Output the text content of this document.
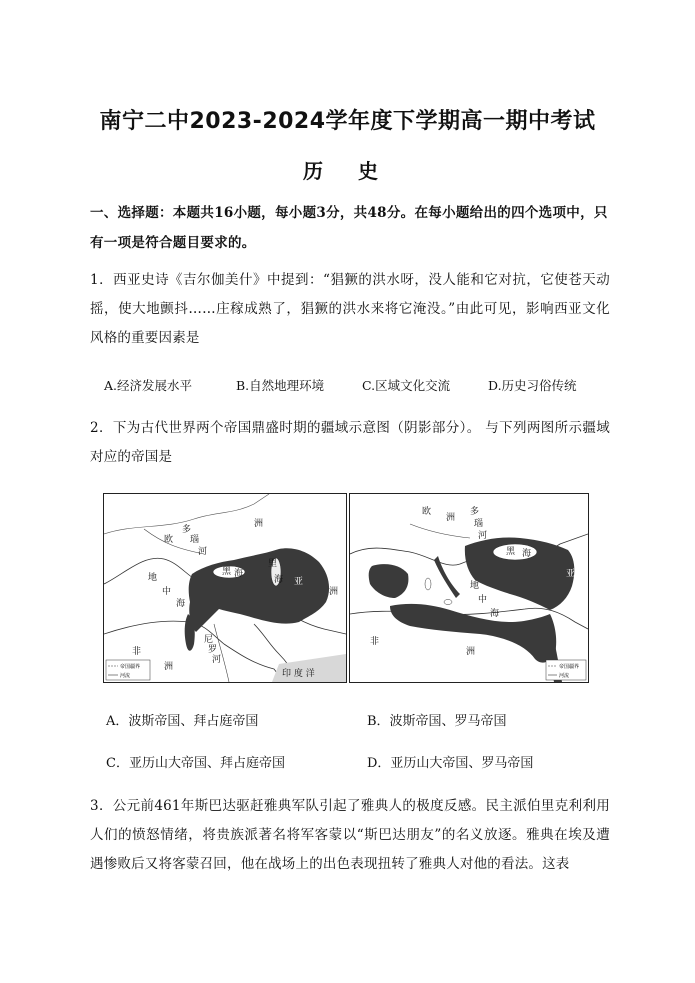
南宁二中2023-2024学年度下学期高一期中考试
历 史
一、选择题：本题共16小题，每小题3分，共48分。在每小题给出的四个选项中，只有一项是符合题目要求的。
1．西亚史诗《吉尔伽美什》中提到：“猖獗的洪水呀，没人能和它对抗，它使苍天动摇，使大地颤抖……庄稼成熟了，猖獗的洪水来将它淹没。”由此可见，影响西亚文化风格的重要因素是
A.经济发展水平	B.自然地理环境	C.区域文化交流	D.历史习俗传统
2．下为古代世界两个帝国鼎盛时期的疆域示意图（阴影部分）。 与下列两图所示疆域对应的帝国是
欧
洲
多
瑙
河
黑 海
里
海
地
中
海
亚
洲
尼
罗
河
非
洲
印 度 洋
帝国疆界
河流
欧
洲
多
瑙
河
黑 海
地
中
海
亚
非
洲
帝国疆界
河流
A．波斯帝国、拜占庭帝国	B．波斯帝国、罗马帝国
C．亚历山大帝国、拜占庭帝国	D．亚历山大帝国、罗马帝国
3．公元前461年斯巴达驱赶雅典军队引起了雅典人的极度反感。民主派伯里克利利用人们的愤怒情绪，将贵族派著名将军客蒙以“斯巴达朋友”的名义放逐。雅典在埃及遭遇惨败后又将客蒙召回，他在战场上的出色表现扭转了雅典人对他的看法。这表
